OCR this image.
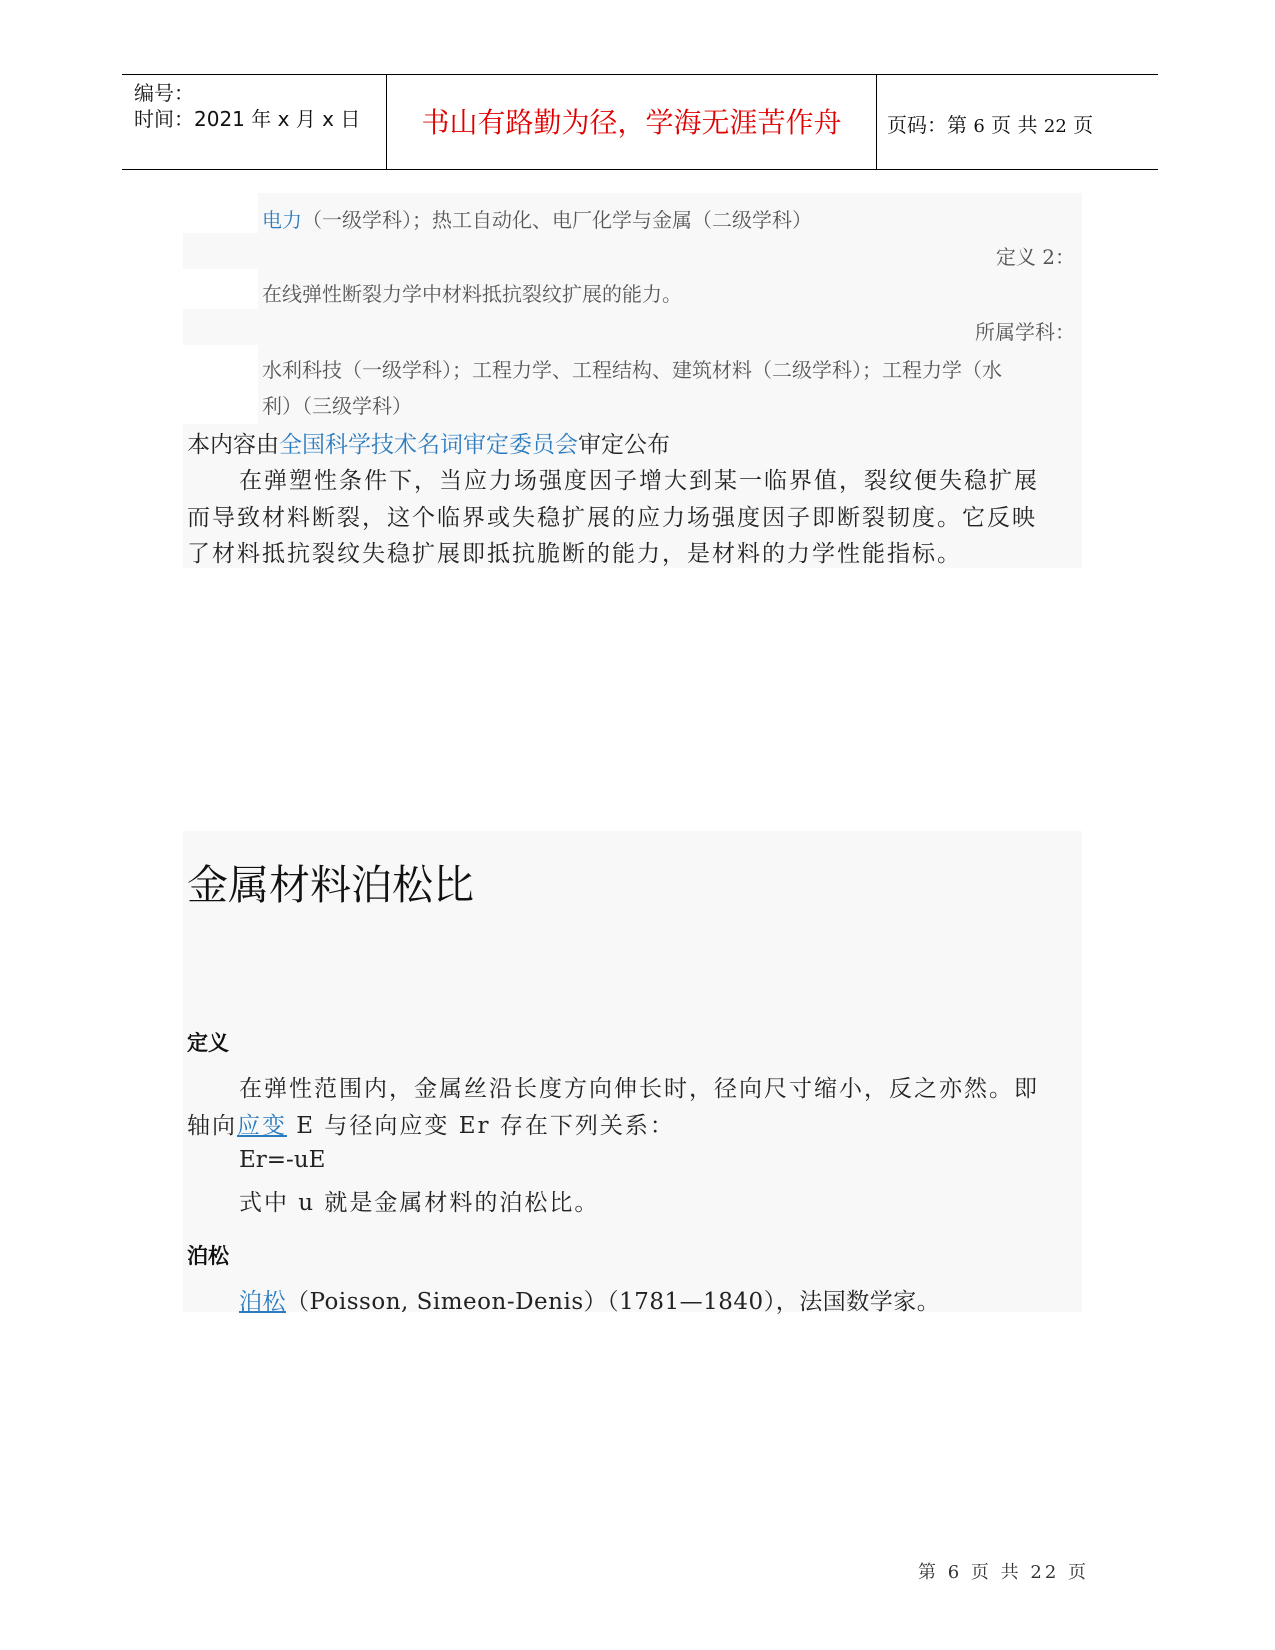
编号：
时间：2021 年 x 月 x 日	书山有路勤为径，学海无涯苦作舟	页码：第 6 页 共 22 页
电力（一级学科）；热工自动化、电厂化学与金属（二级学科）
定义 2：
在线弹性断裂力学中材料抵抗裂纹扩展的能力。
所属学科：
水利科技（一级学科）；工程力学、工程结构、建筑材料（二级学科）；工程力学（水
利）（三级学科）
本内容由全国科学技术名词审定委员会审定公布
在弹塑性条件下，当应力场强度因子增大到某一临界值，裂纹便失稳扩展
而导致材料断裂，这个临界或失稳扩展的应力场强度因子即断裂韧度。它反映
了材料抵抗裂纹失稳扩展即抵抗脆断的能力，是材料的力学性能指标。
金属材料泊松比
定义
在弹性范围内，金属丝沿长度方向伸长时，径向尺寸缩小，反之亦然。即
轴向应变 E 与径向应变 Er 存在下列关系：
Er=-uE
式中 u 就是金属材料的泊松比。
泊松
泊松（Poisson, Simeon-Denis）（1781—1840），法国数学家。
第 6 页 共 22 页
